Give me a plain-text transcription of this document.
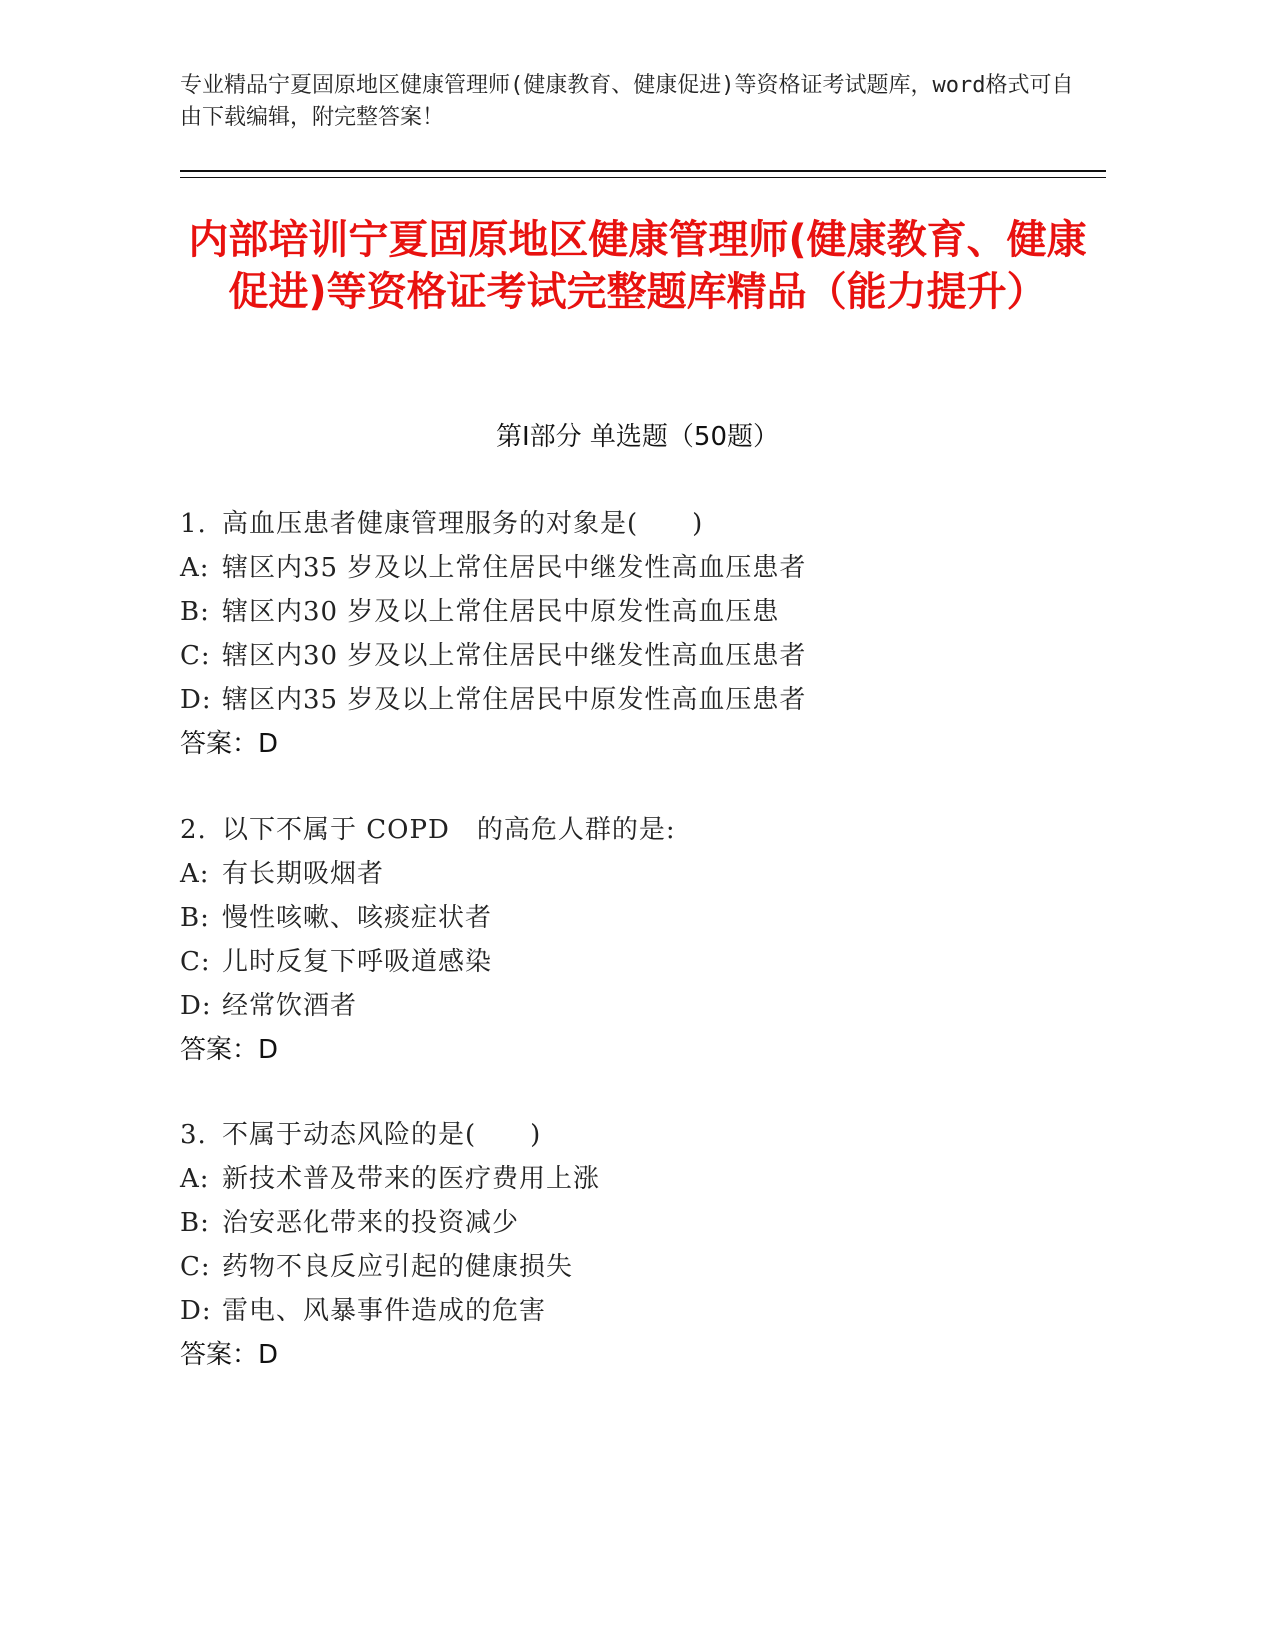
专业精品宁夏固原地区健康管理师(健康教育、健康促进)等资格证考试题库，word格式可自由下载编辑，附完整答案！
内部培训宁夏固原地区健康管理师(健康教育、健康促进)等资格证考试完整题库精品（能力提升）
第Ⅰ部分 单选题（50题）
1. 高血压患者健康管理服务的对象是(　　)
A: 辖区内35 岁及以上常住居民中继发性高血压患者
B: 辖区内30 岁及以上常住居民中原发性高血压患
C: 辖区内30 岁及以上常住居民中继发性高血压患者
D: 辖区内35 岁及以上常住居民中原发性高血压患者
答案：D
2. 以下不属于 COPD　的高危人群的是:
A: 有长期吸烟者
B: 慢性咳嗽、咳痰症状者
C: 儿时反复下呼吸道感染
D: 经常饮酒者
答案：D
3. 不属于动态风险的是(　　)
A: 新技术普及带来的医疗费用上涨
B: 治安恶化带来的投资减少
C: 药物不良反应引起的健康损失
D: 雷电、风暴事件造成的危害
答案：D
